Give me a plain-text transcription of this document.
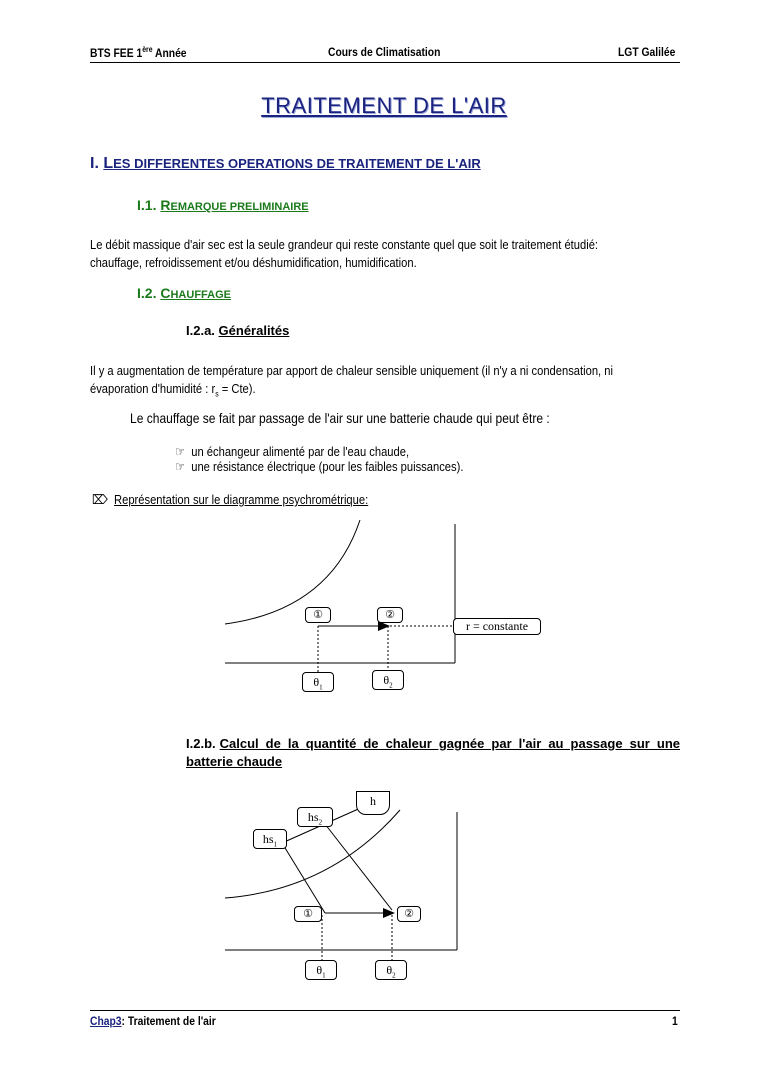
BTS FEE 1ère Année	Cours de Climatisation	LGT Galilée
TRAITEMENT DE L'AIR
I. LES DIFFERENTES OPERATIONS DE TRAITEMENT DE L'AIR
I.1. REMARQUE PRELIMINAIRE
Le débit massique d'air sec est la seule grandeur qui reste constante quel que soit le traitement étudié:
chauffage, refroidissement et/ou déshumidification, humidification.
I.2. CHAUFFAGE
I.2.a. Généralités
Il y a augmentation de température par apport de chaleur sensible uniquement (il n'y a ni condensation, ni
évaporation d'humidité : $r_s = Cte$).
Le chauffage se fait par passage de l'air sur une batterie chaude qui peut être :
☞ un échangeur alimenté par de l'eau chaude,
☞ une résistance électrique (pour les faibles puissances).
⌦ Représentation sur le diagramme psychrométrique:
①	②
r = constante
$\theta_1$
$\theta_2$
I.2.b. Calcul de la quantité de chaleur gagnée par l'air au passage sur une
batterie chaude
h
$hs_2$
$hs_1$
①	②
$\theta_1$	$\theta_2$
Chap3: Traitement de l'air	1
